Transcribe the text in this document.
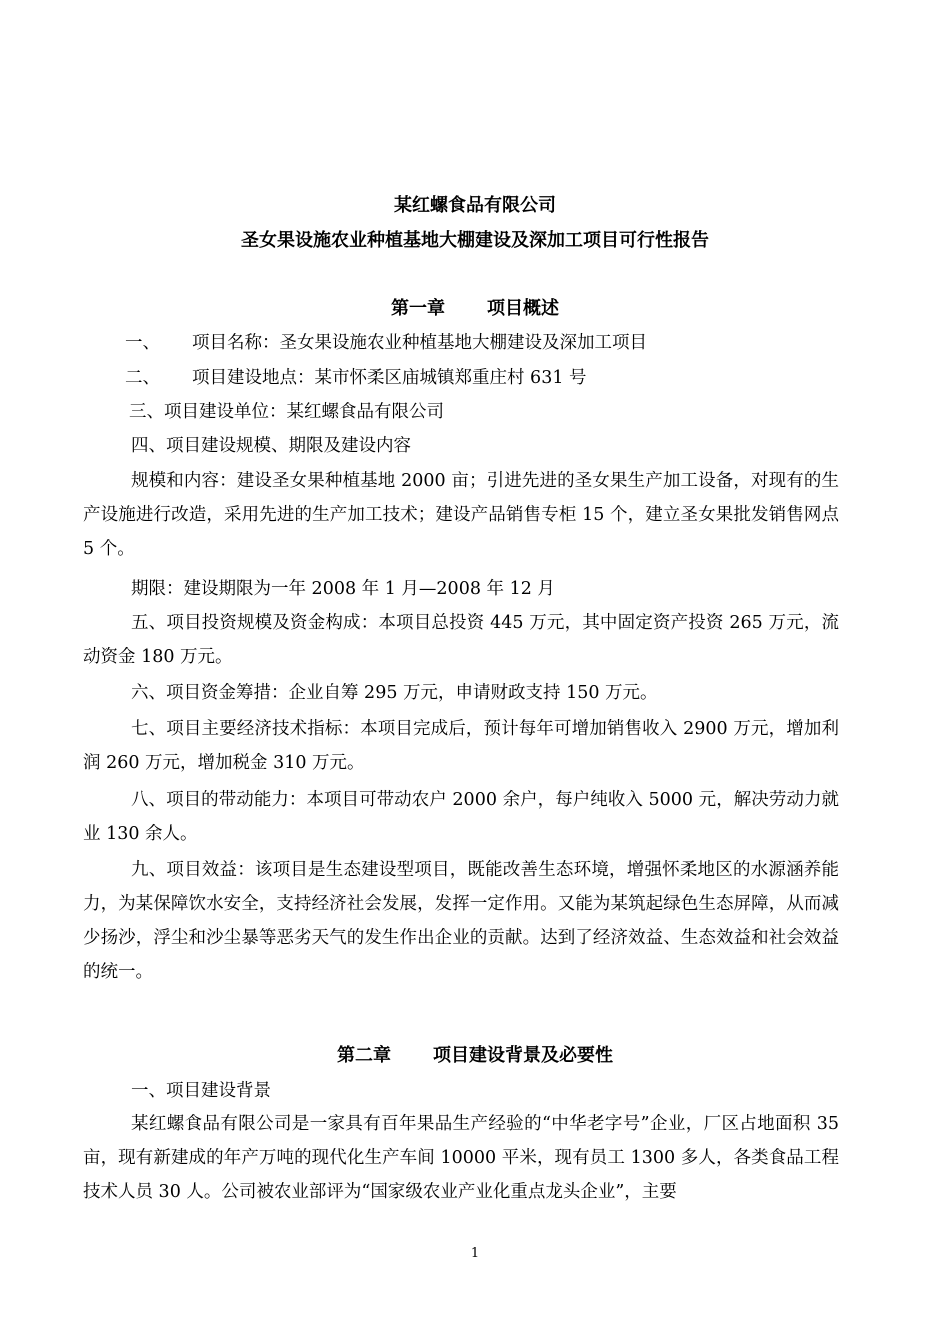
某红螺食品有限公司
圣女果设施农业种植基地大棚建设及深加工项目可行性报告
第一章 项目概述
一、 项目名称：圣女果设施农业种植基地大棚建设及深加工项目
二、 项目建设地点：某市怀柔区庙城镇郑重庄村 631 号
三、项目建设单位：某红螺食品有限公司
四、项目建设规模、期限及建设内容
规模和内容：建设圣女果种植基地 2000 亩；引进先进的圣女果生产加工设备，对现有的生产设施进行改造，采用先进的生产加工技术；建设产品销售专柜 15 个，建立圣女果批发销售网点 5 个。
期限：建设期限为一年 2008 年 1 月—2008 年 12 月
五、项目投资规模及资金构成：本项目总投资 445 万元，其中固定资产投资 265 万元，流动资金 180 万元。
六、项目资金筹措：企业自筹 295 万元，申请财政支持 150 万元。
七、项目主要经济技术指标：本项目完成后，预计每年可增加销售收入 2900 万元，增加利润 260 万元，增加税金 310 万元。
八、项目的带动能力：本项目可带动农户 2000 余户，每户纯收入 5000 元，解决劳动力就业 130 余人。
九、项目效益：该项目是生态建设型项目，既能改善生态环境，增强怀柔地区的水源涵养能力，为某保障饮水安全，支持经济社会发展，发挥一定作用。又能为某筑起绿色生态屏障，从而减少扬沙，浮尘和沙尘暴等恶劣天气的发生作出企业的贡献。达到了经济效益、生态效益和社会效益的统一。
第二章 项目建设背景及必要性
一、项目建设背景
某红螺食品有限公司是一家具有百年果品生产经验的“中华老字号”企业，厂区占地面积 35 亩，现有新建成的年产万吨的现代化生产车间 10000 平米，现有员工 1300 多人，各类食品工程技术人员 30 人。公司被农业部评为“国家级农业产业化重点龙头企业”，主要
1
